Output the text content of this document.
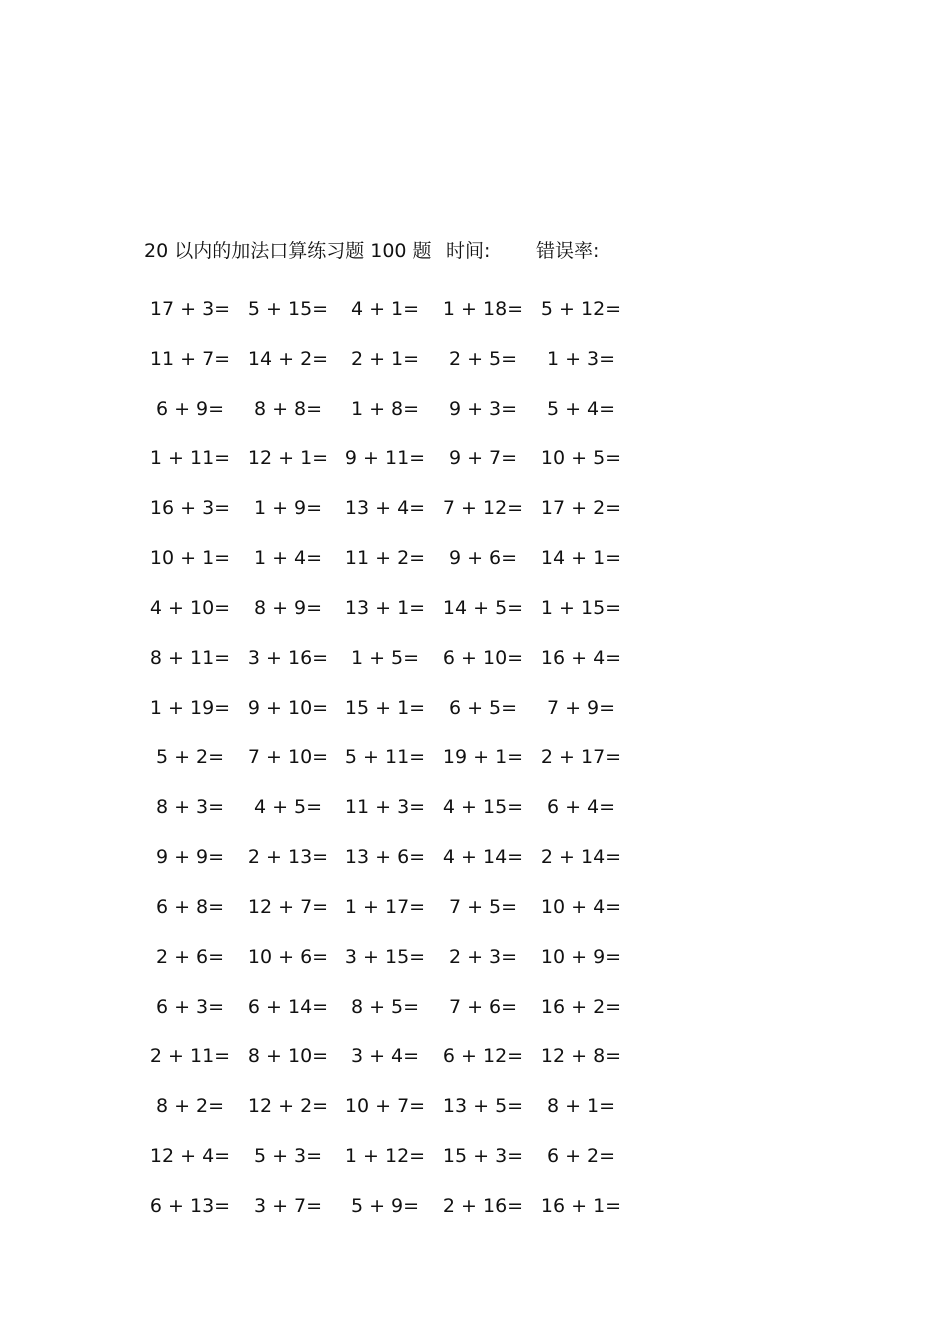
20 以内的加法口算练习题 100 题 时间: 错误率:
17 + 3= 5 + 15=	4 + 1=	1 + 18= 5 + 12=
11 + 7= 14 + 2=	2 + 1=	2 + 5=	1 + 3=
6 + 9=	8 + 8=	1 + 8=	9 + 3=	5 + 4=
1 + 11= 12 + 1= 9 + 11=	9 + 7=	10 + 5=
16 + 3=	1 + 9=	13 + 4= 7 + 12= 17 + 2=
10 + 1=	1 + 4=	11 + 2=	9 + 6=	14 + 1=
4 + 10=	8 + 9=	13 + 1= 14 + 5= 1 + 15=
8 + 11= 3 + 16=	1 + 5=	6 + 10= 16 + 4=
1 + 19= 9 + 10= 15 + 1=	6 + 5=	7 + 9=
5 + 2=	7 + 10= 5 + 11= 19 + 1= 2 + 17=
8 + 3=	4 + 5=	11 + 3= 4 + 15=	6 + 4=
9 + 9=	2 + 13= 13 + 6= 4 + 14= 2 + 14=
6 + 8=	12 + 7= 1 + 17=	7 + 5=	10 + 4=
2 + 6=	10 + 6= 3 + 15=	2 + 3=	10 + 9=
6 + 3=	6 + 14=	8 + 5=	7 + 6=	16 + 2=
2 + 11= 8 + 10=	3 + 4=	6 + 12= 12 + 8=
8 + 2=	12 + 2= 10 + 7= 13 + 5=	8 + 1=
12 + 4=	5 + 3=	1 + 12= 15 + 3=	6 + 2=
6 + 13=	3 + 7=	5 + 9=	2 + 16= 16 + 1=
